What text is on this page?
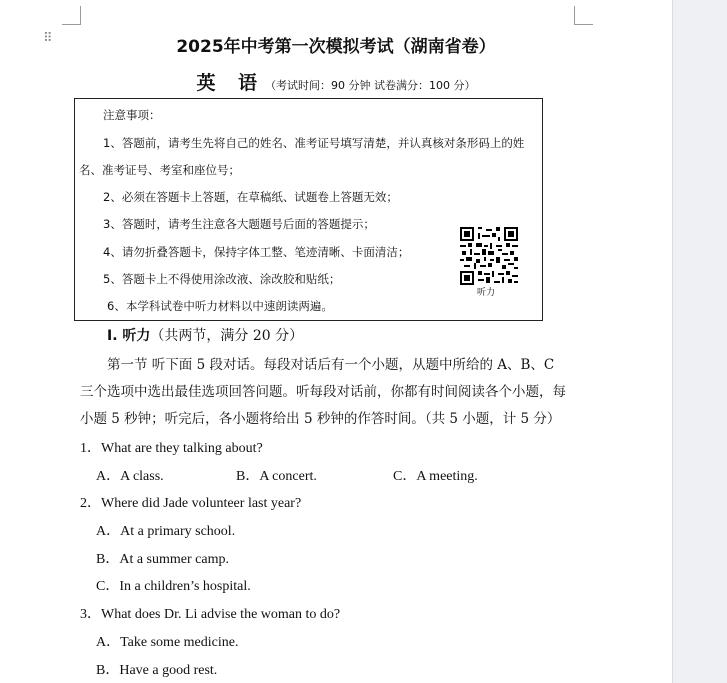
⠿	2025年中考第一次模拟考试（湖南省卷）
英 语（考试时间：90 分钟 试卷满分：100 分）
注意事项：
1、答题前，请考生先将自己的姓名、准考证号填写清楚，并认真核对条形码上的姓
名、准考证号、考室和座位号；
2、必须在答题卡上答题，在草稿纸、试题卷上答题无效；
3、答题时，请考生注意各大题题号后面的答题提示；
4、请勿折叠答题卡，保持字体工整、笔迹清晰、卡面清洁；
5、答题卡上不得使用涂改液、涂改胶和贴纸；
6、本学科试卷中听力材料以中速朗读两遍。
听力
Ⅰ. 听力（共两节，满分 20 分）
第一节 听下面 5 段对话。每段对话后有一个小题，从题中所给的 A、B、C
三个选项中选出最佳选项回答问题。听每段对话前，你都有时间阅读各个小题，每
小题 5 秒钟；听完后，各小题将给出 5 秒钟的作答时间。（共 5 小题，计 5 分）
1．What are they talking about?
A．A class.	B．A concert.	C．A meeting.
2．Where did Jade volunteer last year?
A．At a primary school.
B．At a summer camp.
C．In a children’s hospital.
3．What does Dr. Li advise the woman to do?
A．Take some medicine.
B．Have a good rest.
